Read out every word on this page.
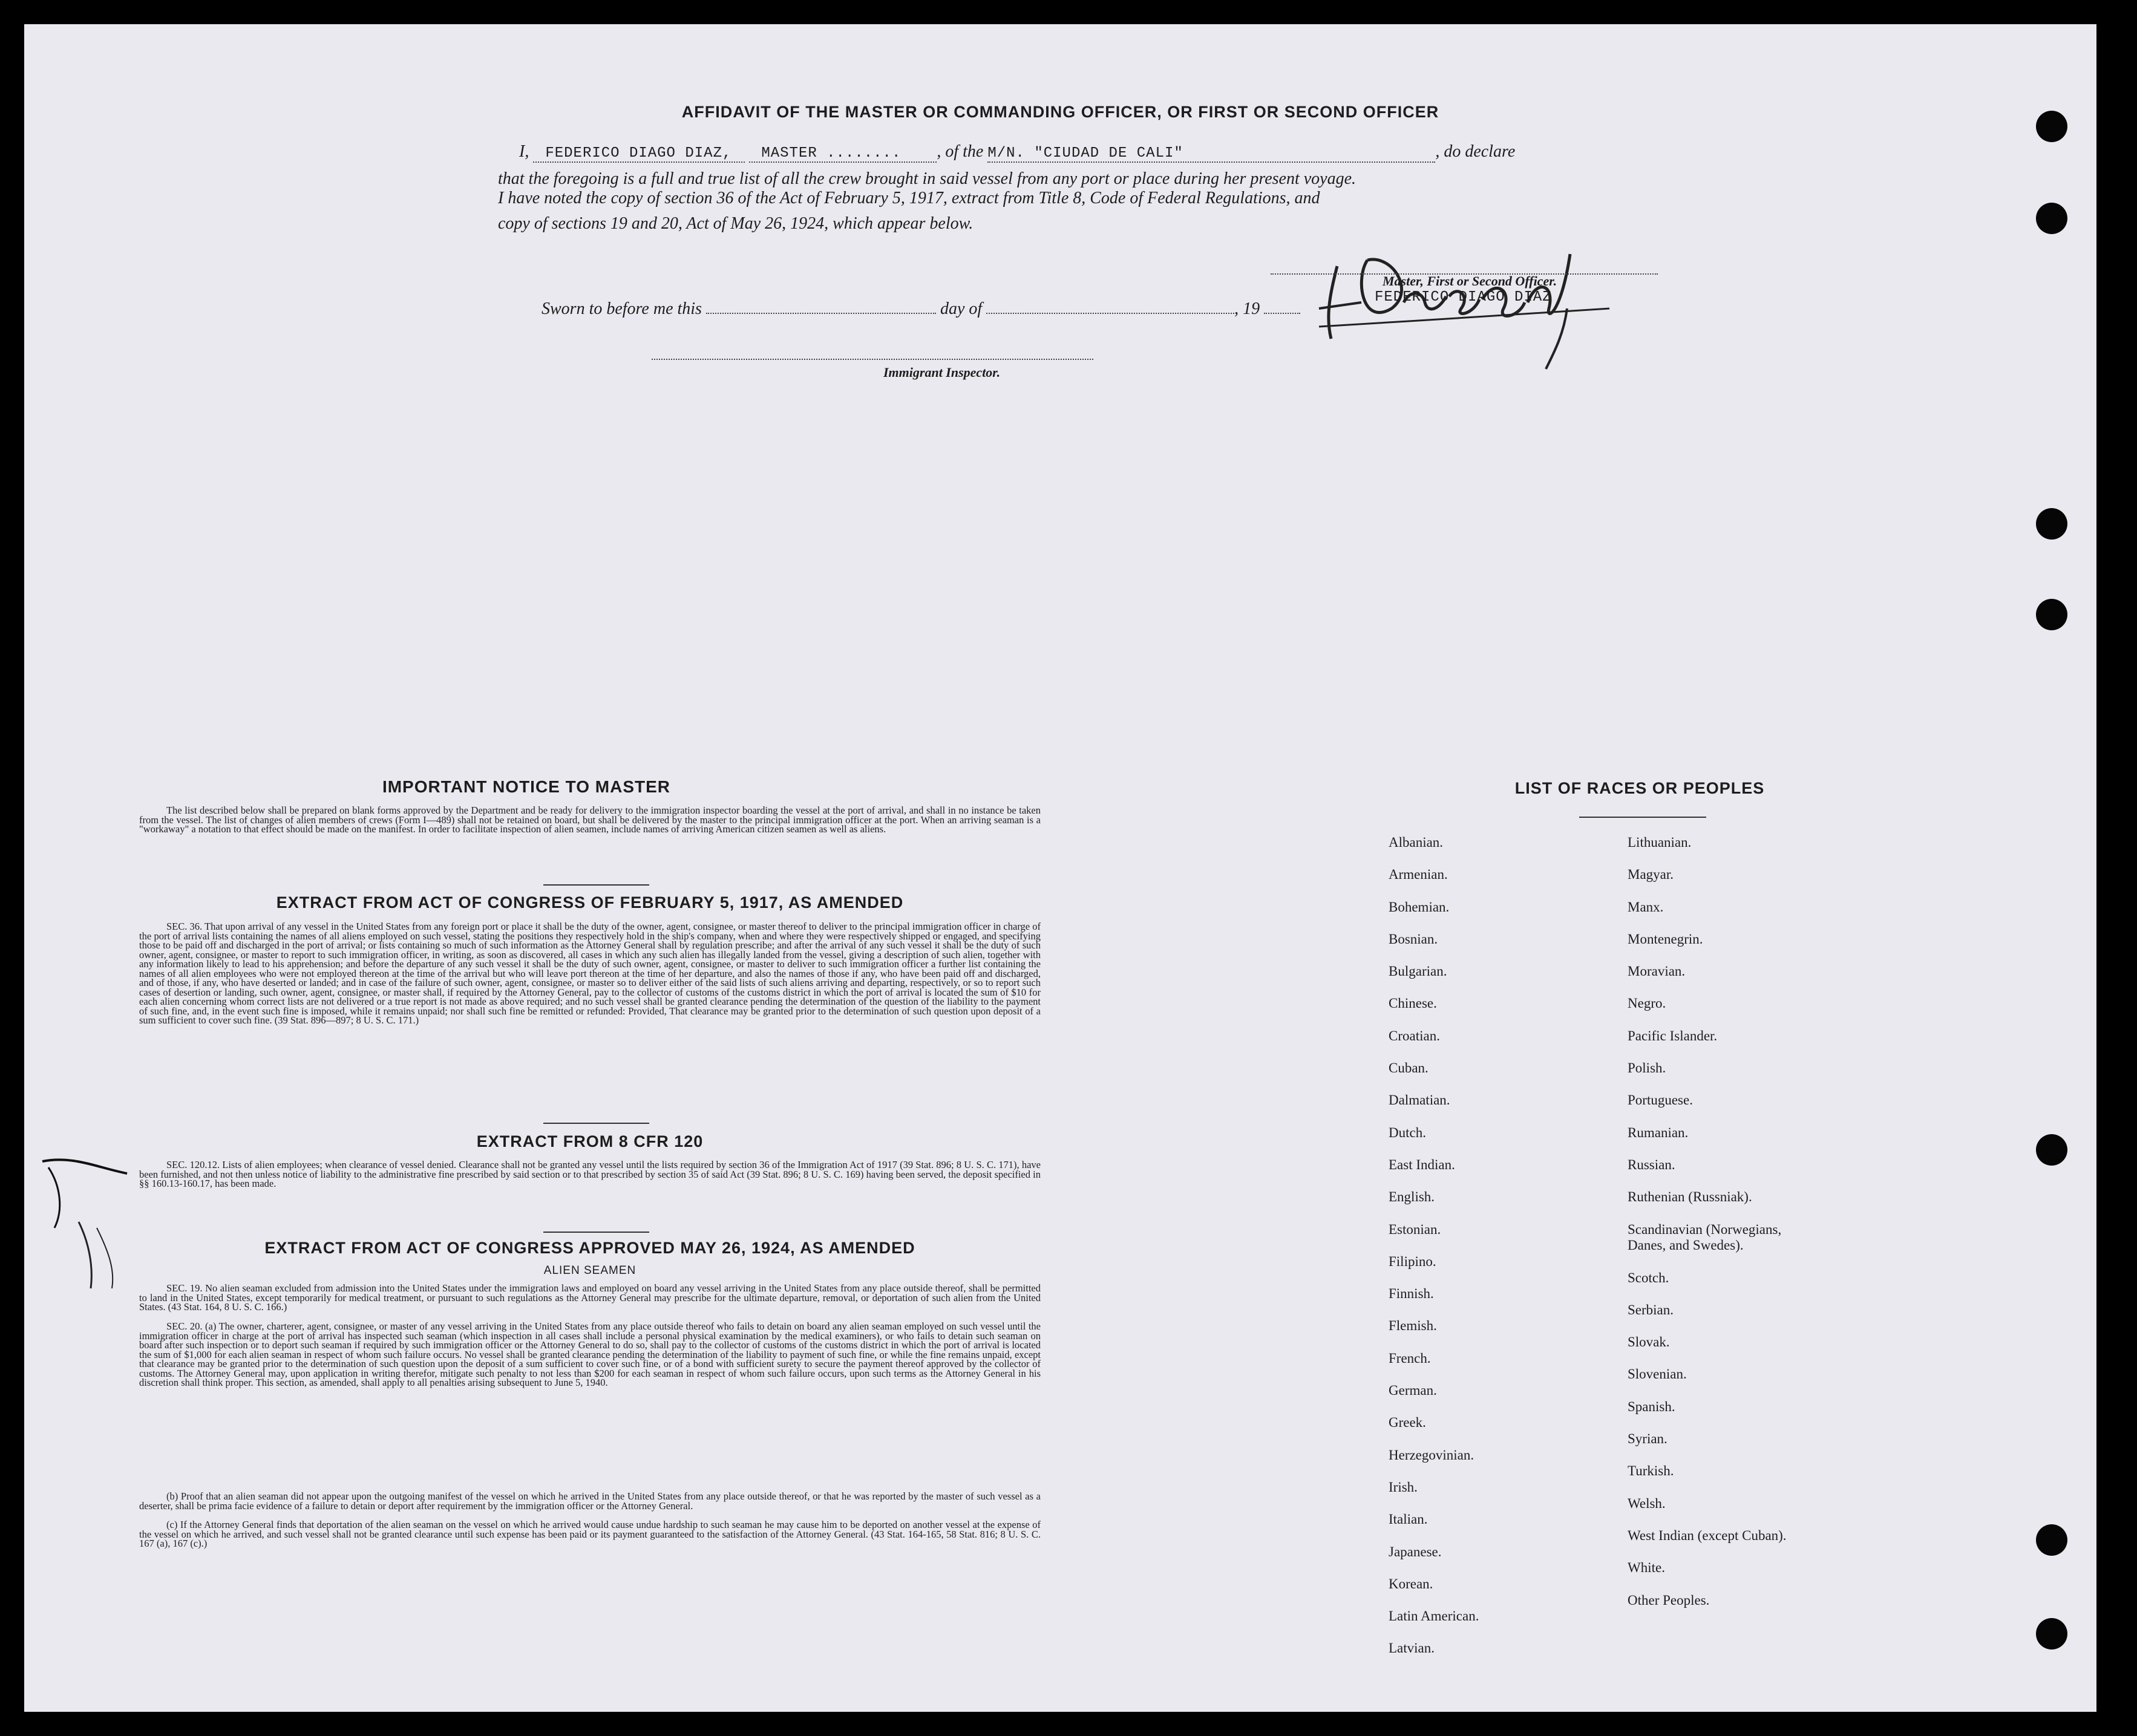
AFFIDAVIT OF THE MASTER OR COMMANDING OFFICER, OR FIRST OR SECOND OFFICER
I, FEDERICO DIAGO DIAZ, MASTER ........ , of the M/N. "CIUDAD DE CALI"	, do declare
that the foregoing is a full and true list of all the crew brought in said vessel from any port or place during her present voyage.
I have noted the copy of section 36 of the Act of February 5, 1917, extract from Title 8, Code of Federal Regulations, and
copy of sections 19 and 20, Act of May 26, 1924, which appear below.
Master, First or Second Officer.
FEDERICO DIAGO DIAZ
Sworn to before me this	day of	, 19
Immigrant Inspector.
IMPORTANT NOTICE TO MASTER
The list described below shall be prepared on blank forms approved by the Department and be ready for delivery to the immigration inspector boarding the vessel at the port of arrival, and shall in no instance be taken from the vessel. The list of changes of alien members of crews (Form I—489) shall not be retained on board, but shall be delivered by the master to the principal immigration officer at the port. When an arriving seaman is a "workaway" a notation to that effect should be made on the manifest. In order to facilitate inspection of alien seamen, include names of arriving American citizen seamen as well as aliens.
EXTRACT FROM ACT OF CONGRESS OF FEBRUARY 5, 1917, AS AMENDED
SEC. 36. That upon arrival of any vessel in the United States from any foreign port or place it shall be the duty of the owner, agent, consignee, or master thereof to deliver to the principal immigration officer in charge of the port of arrival lists containing the names of all aliens employed on such vessel, stating the positions they respectively hold in the ship's company, when and where they were respectively shipped or engaged, and specifying those to be paid off and discharged in the port of arrival; or lists containing so much of such information as the Attorney General shall by regulation prescribe; and after the arrival of any such vessel it shall be the duty of such owner, agent, consignee, or master to report to such immigration officer, in writing, as soon as discovered, all cases in which any such alien has illegally landed from the vessel, giving a description of such alien, together with any information likely to lead to his apprehension; and before the departure of any such vessel it shall be the duty of such owner, agent, consignee, or master to deliver to such immigration officer a further list containing the names of all alien employees who were not employed thereon at the time of the arrival but who will leave port thereon at the time of her departure, and also the names of those if any, who have been paid off and discharged, and of those, if any, who have deserted or landed; and in case of the failure of such owner, agent, consignee, or master so to deliver either of the said lists of such aliens arriving and departing, respectively, or so to report such cases of desertion or landing, such owner, agent, consignee, or master shall, if required by the Attorney General, pay to the collector of customs of the customs district in which the port of arrival is located the sum of $10 for each alien concerning whom correct lists are not delivered or a true report is not made as above required; and no such vessel shall be granted clearance pending the determination of the question of the liability to the payment of such fine, and, in the event such fine is imposed, while it remains unpaid; nor shall such fine be remitted or refunded: Provided, That clearance may be granted prior to the determination of such question upon deposit of a sum sufficient to cover such fine. (39 Stat. 896—897; 8 U. S. C. 171.)
EXTRACT FROM 8 CFR 120
SEC. 120.12. Lists of alien employees; when clearance of vessel denied. Clearance shall not be granted any vessel until the lists required by section 36 of the Immigration Act of 1917 (39 Stat. 896; 8 U. S. C. 171), have been furnished, and not then unless notice of liability to the administrative fine prescribed by said section or to that prescribed by section 35 of said Act (39 Stat. 896; 8 U. S. C. 169) having been served, the deposit specified in §§ 160.13-160.17, has been made.
EXTRACT FROM ACT OF CONGRESS APPROVED MAY 26, 1924, AS AMENDED
ALIEN SEAMEN
SEC. 19. No alien seaman excluded from admission into the United States under the immigration laws and employed on board any vessel arriving in the United States from any place outside thereof, shall be permitted to land in the United States, except temporarily for medical treatment, or pursuant to such regulations as the Attorney General may prescribe for the ultimate departure, removal, or deportation of such alien from the United States. (43 Stat. 164, 8 U. S. C. 166.)
SEC. 20. (a) The owner, charterer, agent, consignee, or master of any vessel arriving in the United States from any place outside thereof who fails to detain on board any alien seaman employed on such vessel until the immigration officer in charge at the port of arrival has inspected such seaman (which inspection in all cases shall include a personal physical examination by the medical examiners), or who fails to detain such seaman on board after such inspection or to deport such seaman if required by such immigration officer or the Attorney General to do so, shall pay to the collector of customs of the customs district in which the port of arrival is located the sum of $1,000 for each alien seaman in respect of whom such failure occurs. No vessel shall be granted clearance pending the determination of the liability to payment of such fine, or while the fine remains unpaid, except that clearance may be granted prior to the determination of such question upon the deposit of a sum sufficient to cover such fine, or of a bond with sufficient surety to secure the payment thereof approved by the collector of customs. The Attorney General may, upon application in writing therefor, mitigate such penalty to not less than $200 for each seaman in respect of whom such failure occurs, upon such terms as the Attorney General in his discretion shall think proper. This section, as amended, shall apply to all penalties arising subsequent to June 5, 1940.
(b) Proof that an alien seaman did not appear upon the outgoing manifest of the vessel on which he arrived in the United States from any place outside thereof, or that he was reported by the master of such vessel as a deserter, shall be prima facie evidence of a failure to detain or deport after requirement by the immigration officer or the Attorney General.
(c) If the Attorney General finds that deportation of the alien seaman on the vessel on which he arrived would cause undue hardship to such seaman he may cause him to be deported on another vessel at the expense of the vessel on which he arrived, and such vessel shall not be granted clearance until such expense has been paid or its payment guaranteed to the satisfaction of the Attorney General. (43 Stat. 164-165, 58 Stat. 816; 8 U. S. C. 167 (a), 167 (c).)
LIST OF RACES OR PEOPLES
Albanian.
Armenian.
Bohemian.
Bosnian.
Bulgarian.
Chinese.
Croatian.
Cuban.
Dalmatian.
Dutch.
East Indian.
English.
Estonian.
Filipino.
Finnish.
Flemish.
French.
German.
Greek.
Herzegovinian.
Irish.
Italian.
Japanese.
Korean.
Latin American.
Latvian.
Lithuanian.
Magyar.
Manx.
Montenegrin.
Moravian.
Negro.
Pacific Islander.
Polish.
Portuguese.
Rumanian.
Russian.
Ruthenian (Russniak).
Scandinavian (Norwegians,
Danes, and Swedes).
Scotch.
Serbian.
Slovak.
Slovenian.
Spanish.
Syrian.
Turkish.
Welsh.
West Indian (except Cuban).
White.
Other Peoples.
